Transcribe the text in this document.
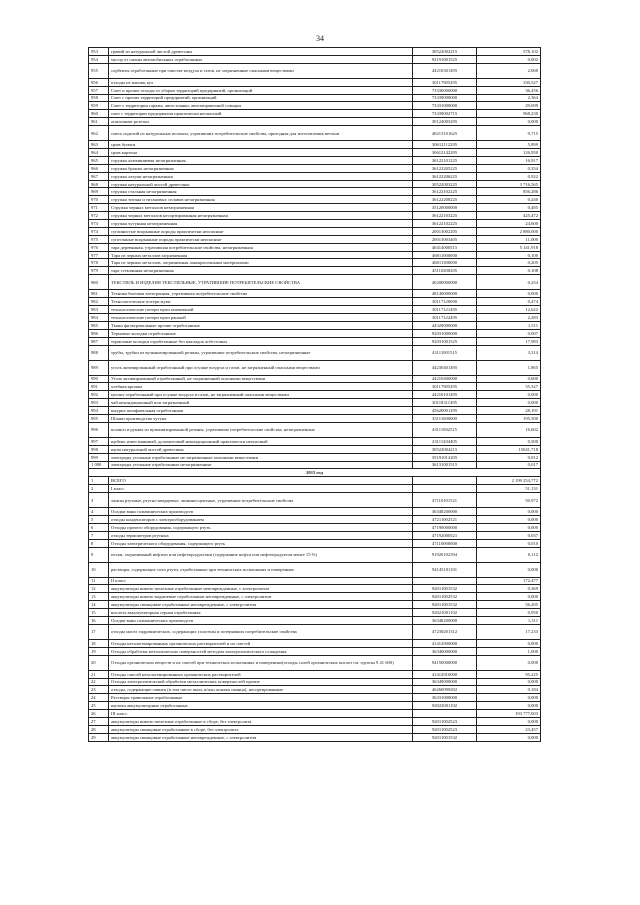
34
953	гравий из натуральной чистой древесины	30522002215	578,102
954	мусор от смены автомобильных отработанных	92191001525	0,002
955	сорбенты отработанные при очистке воздуха и газов, не загрязненные опасными веществами	44210301495	2,060
956	отходы из жилищ кух	30117905295	330,527
957	Смет и прочие отходы от уборки территорий предприятий, организаций	73330000000	36,456
958	Смет с прочих территорий предприятий, организаций	73339000000	2,364
959	Смет с территории гаража, автостоянки, автозаправочной станции	73331000000	29,699
960	смет с территории предприятия практически неопасный	73339002715	968,230
961	опилочные розетки	30124003295	0,000
962	смесь изделий из натуральных волокон, утративших потребительские свойства, пригодная для изготовления ветоши	40213101625	9,715
963	срыв бумаги	30612112295	5,899
964	срыв картона	30612142295	126,950
965	стружка алюминиевая незагрязненная	36122101225	16,917
966	стружка бронзы незагрязненная	36122205225	0,354
967	стружка латуни незагрязненная	36122206225	0,922
968	стружка натуральной чистой древесины	30522003225	3 716,565
969	стружка стальная незагрязненная	36122102225	856,286
970	стружка титана и титановых сплавов незагрязненная	36122208225	0,240
971	Стружка черных металлов незагрязненная	35120000000	0,485
972	стружка черных металлов несортированная незагрязненная	36122103225	425,472
973	стружка чугунная незагрязненная	36122102225	24,600
974	суглинистые вскрышные породы практически неопасные	20013002205	2 880,000
975	супесчаные вскрышные породы практически неопасные	20013003405	11,000
976	тара деревянная, утратившая потребительские свойства, незагрязненная	40414000515	5 141,918
977	Тара из черных металлов загрязненная	46811000000	0,100
978	Тара из черных металлов, загрязненная лакокрасочными материалами	46811300000	0,205
979	тара стеклянная незагрязненная	45110200205	0,108
980	ТЕКСТИЛЬ И ИЗДЕЛИЯ ТЕКСТИЛЬНЫЕ, УТРАТИВШИЕ ПОТРЕБИТЕЛЬСКИЕ СВОЙСТВА	40200000000	0,254
981	Техника бытовая электронная, утратившая потребительские свойства	48140000000	0,000
982	Технологические потери муки	30117120000	0,474
983	технологические потери муки пшеничной	30117121495	12,622
984	технологические потери муки ржаной	30117122495	2,283
985	Ткани фильтровальные прочие отработанные	44329000000	1,511
986	Термовые колодки отработанные	92031000000	0,007
987	тормозные колодки отработанные без накладок асбестовых	92031001525	17,983
988	трубы, трубки из вулканизированной резины, утратившие потребительские свойства, незагрязненные	43111001515	3,314
989	уголь активированный отработанный при осушке воздуха и газов, не загрязненный опасными веществами	44230401495	1,865
990	Уголь активированный отработанный, не загрязненный опасными веществами	44210400000	0,600
991	хлебная крошка	30117905295	55,327
992	цеолит отработанный при осушке воздуха и газов, не загрязненный опасными веществами	44210101495	0,000
993	чай некондиционный или загрязненный	30118311495	0,000
994	шкурка шлифовальная отработанная	45620001295	28,191
995	Шлаки производства чугуна	35111000000	195,500
996	шланги и рукава из вулканизированной резины, утратившие потребительские свойства, незагрязненные	43111002515	16,602
997	щебень известняковый, доломитовый некондиционный практически неопасный	23111204405	0,500
998	щепа натуральной чистой древесины	30522004215	15041,718
999	электроды угольные отработанные не загрязненные опасными веществами	35191012205	0,012
1 000	электроды угольные отработанные незагрязненные	36131001515	0,017
2015 год			
1	ВСЕГО		2 199 254,772
2	I класс		51,131
3	лампы ртутные, ртутно-кварцевые, люминесцентные, утратившие потребительские свойства	47110101521	50,972
4	Осадки ванн гальванических производств	36348200000	0,000
5	отходы конденсаторов с электрооборудованием	47211002521	0,000
6	Отходы прочего оборудования, содержащего ртуть	47190000000	0,000
7	отходы термометров ртутных	47192000521	0,037
8	Отходы электрического оборудования, содержащего ртуть	47110000000	0,010
9	пески, загрязненный нефтью или нефтепродуктами (содержание нефти или нефтепродуктов менее 15 %)	91920102394	0,112
10	растворы, содержащие соли ртути, отработанные при технических испытаниях и измерениях	94145101101	0,000
11	II класс		172,477
12	аккумуляторы никель-железные отработанные неповрежденные, с электролитом	92011001532	0,369
13	аккумуляторы никель-кадмиевые отработанные неповрежденные, с электролитом	92011002532	0,000
14	аккумуляторы свинцовые отработанные неповрежденные, с электролитом	92011001532	56,205
15	кислота аккумуляторная серная отработанная	92021001102	0,950
16	Осадки ванн гальванических производств	36348200000	1,311
17	отходы масел гидравлических, содержащих галогены и потерявших потребительские свойства	47230201312	17,233
18	Отходы негалогенированных органических растворителей и их смесей	41412000000	0,000
19	Отходы обработки металлических поверхностей методом электролитического осаждения	36340000000	1,000
20	Отходы органических веществ и их смесей при технических испытаниях и измерениях(отходы солей органических кислот гм. группы 9 41 600)	94150000000	0,000
21	Отходы смесей негалогенированных органических растворителей	41412910000	95,225
22	Отходы электролитической обработки металлических поверхностей прочие	36349000000	0,000
23	отходы, содержащие свинец (в том числе пыль и/или опилки свинца), несортированные	46260099202	0,184
24	Растворы травильные отработанные	36331000000	0,000
25	щелочи аккумуляторные отработанные	92022001102	0,000
26	III класс		193 777,003
27	аккумуляторы никель-железные отработанные в сборе, без электролита	92011002523	0,000
28	аккумуляторы свинцовые отработанные в сборе, без электролита	92011002523	23,457
29	аккумуляторы свинцовые отработанные неповрежденные, с электролитом	92011001532	0,000
